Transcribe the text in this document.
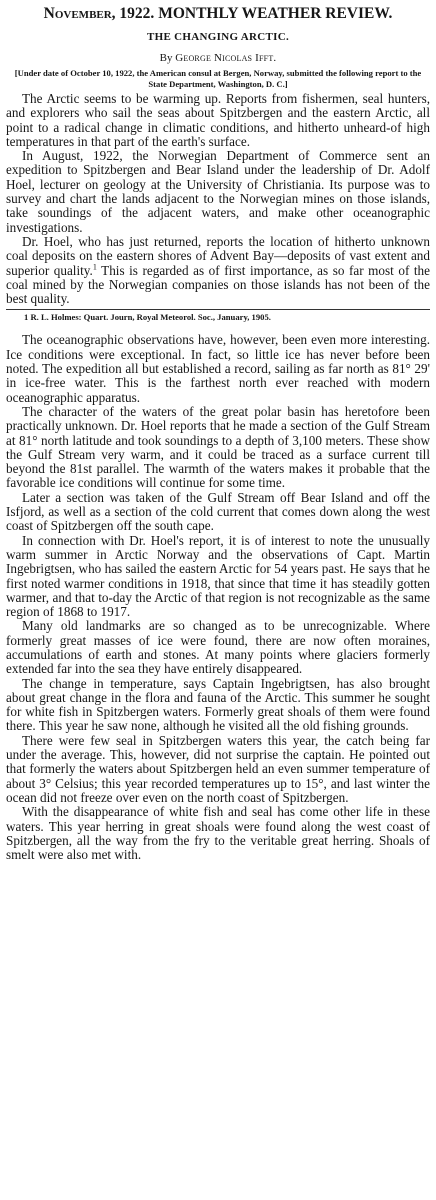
November, 1922. MONTHLY WEATHER REVIEW.
THE CHANGING ARCTIC.
By George Nicolas Ifft.
[Under date of October 10, 1922, the American consul at Bergen, Norway, submitted the following report to the State Department, Washington, D. C.]

The Arctic seems to be warming up. Reports from fishermen, seal hunters, and explorers who sail the seas about Spitzbergen and the eastern Arctic, all point to a radical change in climatic conditions, and hitherto unheard-of high temperatures in that part of the earth's surface.

In August, 1922, the Norwegian Department of Commerce sent an expedition to Spitzbergen and Bear Island under the leadership of Dr. Adolf Hoel, lecturer on geology at the University of Christiania. Its purpose was to survey and chart the lands adjacent to the Norwegian mines on those islands, take soundings of the adjacent waters, and make other oceanographic investigations.

Dr. Hoel, who has just returned, reports the location of hitherto unknown coal deposits on the eastern shores of Advent Bay—deposits of vast extent and superior quality.$^1$ This is regarded as of first importance, as so far most of the coal mined by the Norwegian companies on those islands has not been of the best quality.

1 R. L. Holmes: Quart. Journ, Royal Meteorol. Soc., January, 1905.

The oceanographic observations have, however, been even more interesting. Ice conditions were exceptional. In fact, so little ice has never before been noted. The expedition all but established a record, sailing as far north as 81° 29' in ice-free water. This is the farthest north ever reached with modern oceanographic apparatus.

The character of the waters of the great polar basin has heretofore been practically unknown. Dr. Hoel reports that he made a section of the Gulf Stream at 81° north latitude and took soundings to a depth of 3,100 meters. These show the Gulf Stream very warm, and it could be traced as a surface current till beyond the 81st parallel. The warmth of the waters makes it probable that the favorable ice conditions will continue for some time.

Later a section was taken of the Gulf Stream off Bear Island and off the Isfjord, as well as a section of the cold current that comes down along the west coast of Spitzbergen off the south cape.

In connection with Dr. Hoel's report, it is of interest to note the unusually warm summer in Arctic Norway and the observations of Capt. Martin Ingebrigtsen, who has sailed the eastern Arctic for 54 years past. He says that he first noted warmer conditions in 1918, that since that time it has steadily gotten warmer, and that to-day the Arctic of that region is not recognizable as the same region of 1868 to 1917.

Many old landmarks are so changed as to be unrecognizable. Where formerly great masses of ice were found, there are now often moraines, accumulations of earth and stones. At many points where glaciers formerly extended far into the sea they have entirely disappeared.

The change in temperature, says Captain Ingebrigtsen, has also brought about great change in the flora and fauna of the Arctic. This summer he sought for white fish in Spitzbergen waters. Formerly great shoals of them were found there. This year he saw none, although he visited all the old fishing grounds.

There were few seal in Spitzbergen waters this year, the catch being far under the average. This, however, did not surprise the captain. He pointed out that formerly the waters about Spitzbergen held an even summer temperature of about 3° Celsius; this year recorded temperatures up to 15°, and last winter the ocean did not freeze over even on the north coast of Spitzbergen.

With the disappearance of white fish and seal has come other life in these waters. This year herring in great shoals were found along the west coast of Spitzbergen, all the way from the fry to the veritable great herring. Shoals of smelt were also met with.
